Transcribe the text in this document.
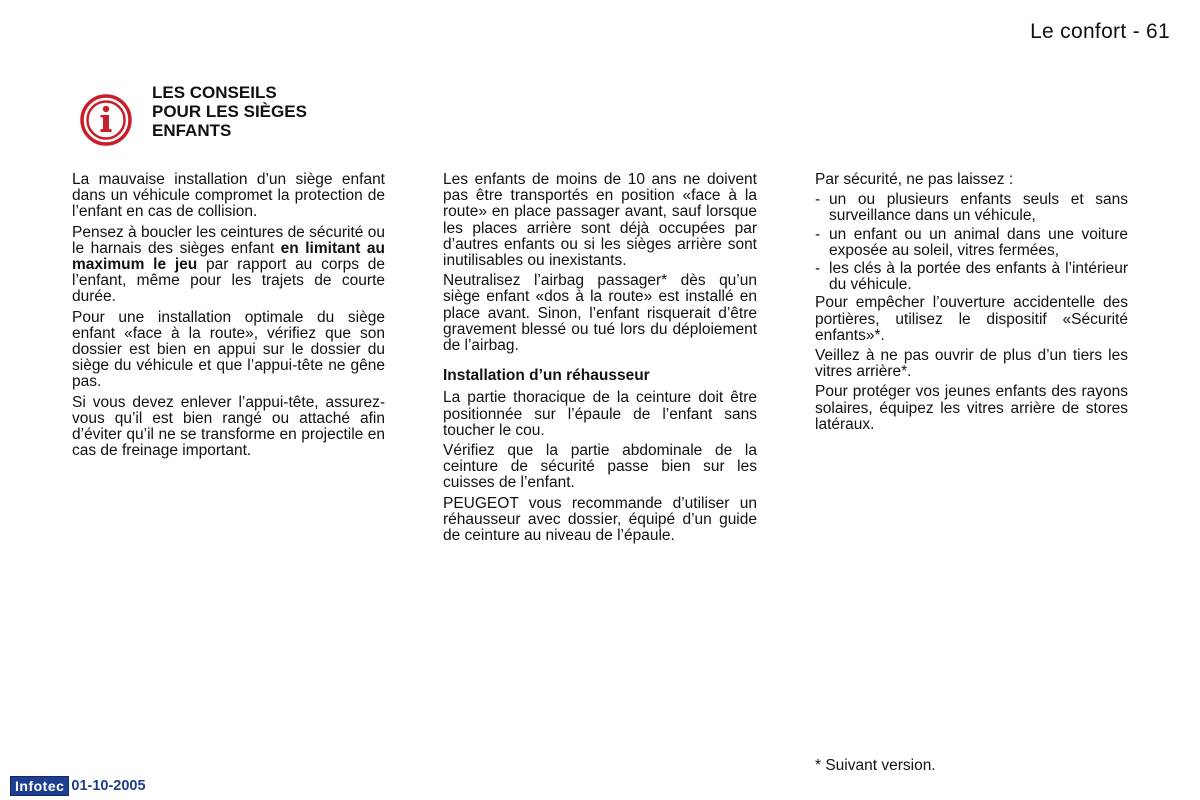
Le confort - 61
LES CONSEILS
POUR LES SIÈGES
ENFANTS

La mauvaise installation d’un siège enfant dans un véhicule compromet la protection de l’enfant en cas de collision.

Pensez à boucler les ceintures de sécurité ou le harnais des sièges enfant en limitant au maximum le jeu par rapport au corps de l’enfant, même pour les trajets de courte durée.

Pour une installation optimale du siège enfant «face à la route», vérifiez que son dossier est bien en appui sur le dossier du siège du véhicule et que l’appui-tête ne gêne pas.

Si vous devez enlever l’appui-tête, assurez-vous qu’il est bien rangé ou attaché afin d’éviter qu’il ne se transforme en projectile en cas de freinage important.

Les enfants de moins de 10 ans ne doivent pas être transportés en position «face à la route» en place passager avant, sauf lorsque les places arrière sont déjà occupées par d’autres enfants ou si les sièges arrière sont inutilisables ou inexistants.

Neutralisez l’airbag passager* dès qu’un siège enfant «dos à la route» est installé en place avant. Sinon, l’enfant risquerait d’être gravement blessé ou tué lors du déploiement de l’airbag.

Installation d’un réhausseur

La partie thoracique de la ceinture doit être positionnée sur l’épaule de l’enfant sans toucher le cou.

Vérifiez que la partie abdominale de la ceinture de sécurité passe bien sur les cuisses de l’enfant.

PEUGEOT vous recommande d’utiliser un réhausseur avec dossier, équipé d’un guide de ceinture au niveau de l’épaule.

Par sécurité, ne pas laissez :

- un ou plusieurs enfants seuls et sans surveillance dans un véhicule,
- un enfant ou un animal dans une voiture exposée au soleil, vitres fermées,
- les clés à la portée des enfants à l’intérieur du véhicule.

Pour empêcher l’ouverture accidentelle des portières, utilisez le dispositif «Sécurité enfants»*.

Veillez à ne pas ouvrir de plus d’un tiers les vitres arrière*.

Pour protéger vos jeunes enfants des rayons solaires, équipez les vitres arrière de stores latéraux.

* Suivant version.
Infotec 01-10-2005
